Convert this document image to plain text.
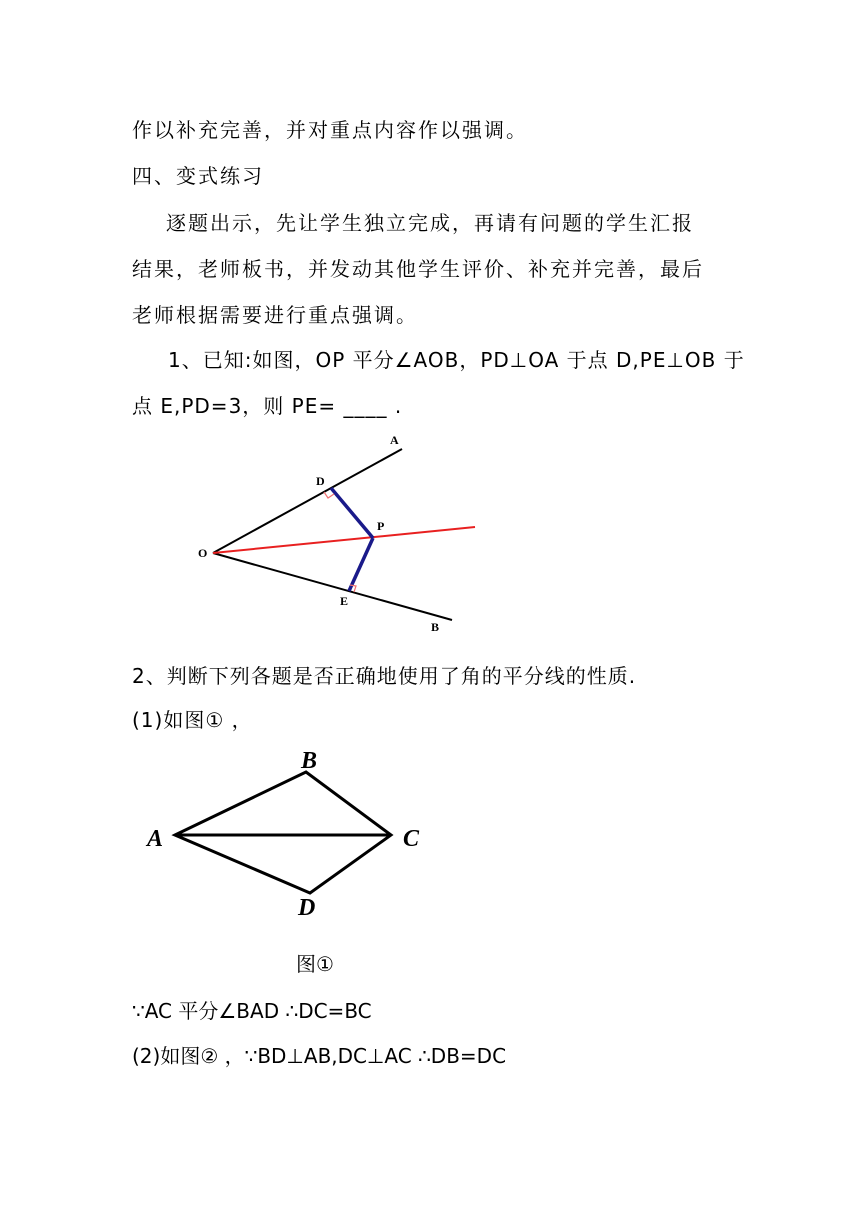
作以补充完善，并对重点内容作以强调。
四、变式练习
逐题出示，先让学生独立完成，再请有问题的学生汇报
结果，老师板书，并发动其他学生评价、补充并完善，最后
老师根据需要进行重点强调。
1、已知:如图，OP 平分∠AOB，PD⊥OA 于点 D,PE⊥OB 于
点 E,PD=3，则 PE= ____ .
A
D
P
O
E
B
2、判断下列各题是否正确地使用了角的平分线的性质.
(1)如图① ，
B
A	C
D
图①
∵AC 平分∠BAD ∴DC=BC
(2)如图② ，∵BD⊥AB,DC⊥AC ∴DB=DC
